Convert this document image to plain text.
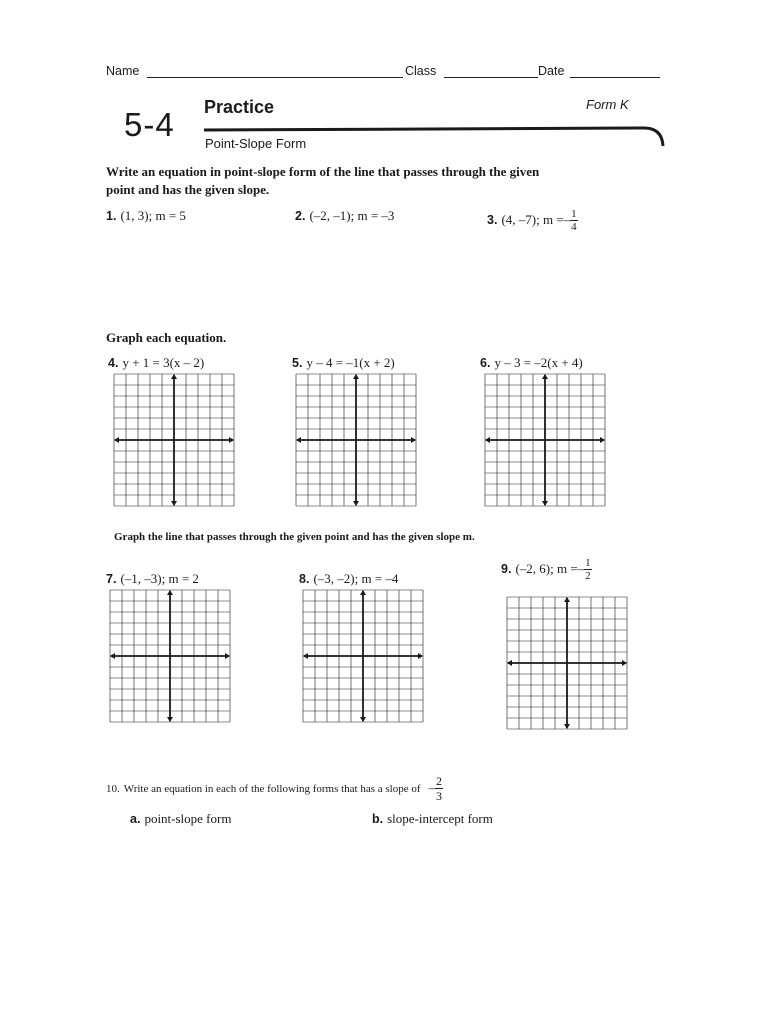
Name	Class	Date
5-4 Practice	Form K
Point-Slope Form
Write an equation in point-slope form of the line that passes through the given
point and has the given slope.
1. (1, 3); m = 5	2. (–2, –1); m = –3	3. (4, –7); $m =- \frac{1}{4}$
Graph each equation.
4. y + 1 = 3(x – 2)	5. y – 4 = –1(x + 2)	6. y – 3 = –2(x + 4)
Graph the line that passes through the given point and has the given slope m.
7. (–1, –3); m = 2	8. (–3, –2); m = –4
9. (–2, 6); $m =- \frac{1}{2}$
10. Write an equation in each of the following forms that has a slope of – $\frac{2}{3}$
a. point-slope form	b. slope-intercept form
